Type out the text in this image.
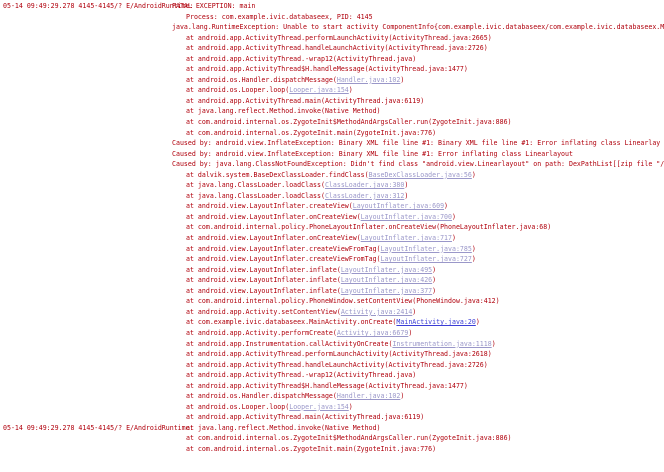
05-14 09:49:29.278 4145-4145/? E/AndroidRuntime:
FATAL EXCEPTION: main
Process: com.example.ivic.databaseex, PID: 4145
java.lang.RuntimeException: Unable to start activity ComponentInfo{com.example.ivic.databaseex/com.example.ivic.databaseex.M
at android.app.ActivityThread.performLaunchActivity(ActivityThread.java:2665)
at android.app.ActivityThread.handleLaunchActivity(ActivityThread.java:2726)
at android.app.ActivityThread.-wrap12(ActivityThread.java)
at android.app.ActivityThread$H.handleMessage(ActivityThread.java:1477)
at android.os.Handler.dispatchMessage(Handler.java:102)
at android.os.Looper.loop(Looper.java:154)
at android.app.ActivityThread.main(ActivityThread.java:6119)
at java.lang.reflect.Method.invoke(Native Method)
at com.android.internal.os.ZygoteInit$MethodAndArgsCaller.run(ZygoteInit.java:886)
at com.android.internal.os.ZygoteInit.main(ZygoteInit.java:776)
Caused by: android.view.InflateException: Binary XML file line #1: Binary XML file line #1: Error inflating class Linearlay
Caused by: android.view.InflateException: Binary XML file line #1: Error inflating class Linearlayout
Caused by: java.lang.ClassNotFoundException: Didn't find class "android.view.Linearlayout" on path: DexPathList[[zip file "/
at dalvik.system.BaseDexClassLoader.findClass(BaseDexClassLoader.java:56)
at java.lang.ClassLoader.loadClass(ClassLoader.java:380)
at java.lang.ClassLoader.loadClass(ClassLoader.java:312)
at android.view.LayoutInflater.createView(LayoutInflater.java:609)
at android.view.LayoutInflater.onCreateView(LayoutInflater.java:700)
at com.android.internal.policy.PhoneLayoutInflater.onCreateView(PhoneLayoutInflater.java:68)
at android.view.LayoutInflater.onCreateView(LayoutInflater.java:717)
at android.view.LayoutInflater.createViewFromTag(LayoutInflater.java:785)
at android.view.LayoutInflater.createViewFromTag(LayoutInflater.java:727)
at android.view.LayoutInflater.inflate(LayoutInflater.java:495)
at android.view.LayoutInflater.inflate(LayoutInflater.java:426)
at android.view.LayoutInflater.inflate(LayoutInflater.java:377)
at com.android.internal.policy.PhoneWindow.setContentView(PhoneWindow.java:412)
at android.app.Activity.setContentView(Activity.java:2414)
at com.example.ivic.databaseex.MainActivity.onCreate(MainActivity.java:20)
at android.app.Activity.performCreate(Activity.java:6679)
at android.app.Instrumentation.callActivityOnCreate(Instrumentation.java:1118)
at android.app.ActivityThread.performLaunchActivity(ActivityThread.java:2618)
at android.app.ActivityThread.handleLaunchActivity(ActivityThread.java:2726)
at android.app.ActivityThread.-wrap12(ActivityThread.java)
at android.app.ActivityThread$H.handleMessage(ActivityThread.java:1477)
at android.os.Handler.dispatchMessage(Handler.java:102)
at android.os.Looper.loop(Looper.java:154)
at android.app.ActivityThread.main(ActivityThread.java:6119)
05-14 09:49:29.278 4145-4145/? E/AndroidRuntime:
at java.lang.reflect.Method.invoke(Native Method)
at com.android.internal.os.ZygoteInit$MethodAndArgsCaller.run(ZygoteInit.java:886)
at com.android.internal.os.ZygoteInit.main(ZygoteInit.java:776)
